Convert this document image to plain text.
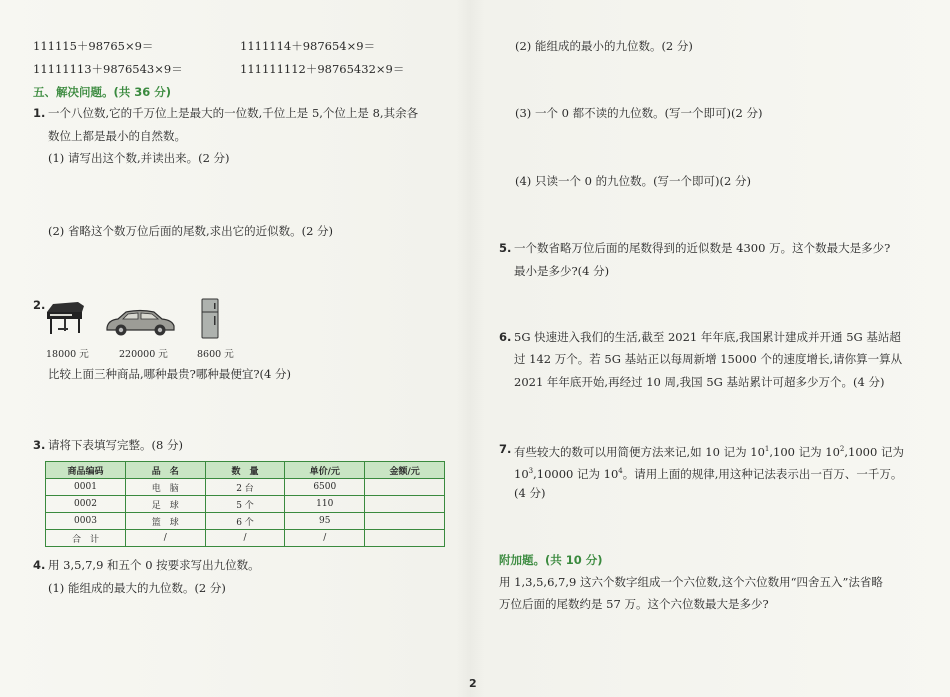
111115＋98765×9＝	1111114＋987654×9＝
11111113＋9876543×9＝	111111112＋98765432×9＝
五、解决问题。(共 36 分)
1. 一个八位数,它的千万位上是最大的一位数,千位上是 5,个位上是 8,其余各
数位上都是最小的自然数。
(1) 请写出这个数,并读出来。(2 分)
(2) 省略这个数万位后面的尾数,求出它的近似数。(2 分)
2.
18000 元	220000 元	8600 元
比较上面三种商品,哪种最贵?哪种最便宜?(4 分)
3. 请将下表填写完整。(8 分)
商品编码	品　名	数　量	单价/元	金额/元
0001	电　脑	2 台	6500	
0002	足　球	5 个	110	
0003	篮　球	6 个	95	
合　计	/	/	/	
4. 用 3,5,7,9 和五个 0 按要求写出九位数。
(1) 能组成的最大的九位数。(2 分)
(2) 能组成的最小的九位数。(2 分)
(3) 一个 0 都不读的九位数。(写一个即可)(2 分)
(4) 只读一个 0 的九位数。(写一个即可)(2 分)
5. 一个数省略万位后面的尾数得到的近似数是 4300 万。这个数最大是多少?
最小是多少?(4 分)
6. 5G 快速进入我们的生活,截至 2021 年年底,我国累计建成并开通 5G 基站超
过 142 万个。若 5G 基站正以每周新增 15000 个的速度增长,请你算一算从
2021 年年底开始,再经过 10 周,我国 5G 基站累计可超多少万个。(4 分)
7. 有些较大的数可以用简便方法来记,如 10 记为 $10^1,100$ 记为 $10^2,1000$ 记为
$10^3,10000$ 记为 $10^4$。请用上面的规律,用这种记法表示出一百万、一千万。
(4 分)
附加题。(共 10 分)
用 1,3,5,6,7,9 这六个数字组成一个六位数,这个六位数用“四舍五入”法省略
万位后面的尾数约是 57 万。这个六位数最大是多少?
2
